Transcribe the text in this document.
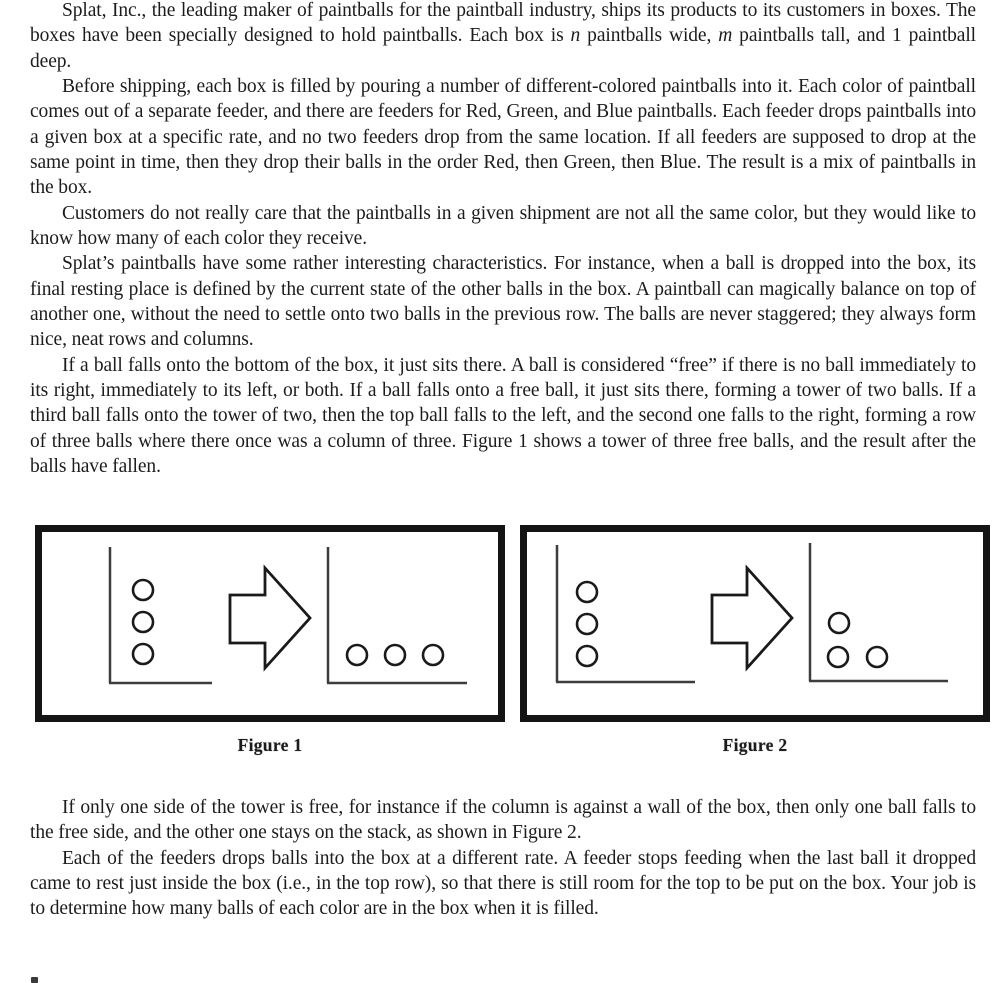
Splat, Inc., the leading maker of paintballs for the paintball industry, ships its products to its customers in boxes. The boxes have been specially designed to hold paintballs. Each box is n paintballs wide, m paintballs tall, and 1 paintball deep.

Before shipping, each box is filled by pouring a number of different-colored paintballs into it. Each color of paintball comes out of a separate feeder, and there are feeders for Red, Green, and Blue paintballs. Each feeder drops paintballs into a given box at a specific rate, and no two feeders drop from the same location. If all feeders are supposed to drop at the same point in time, then they drop their balls in the order Red, then Green, then Blue. The result is a mix of paintballs in the box.

Customers do not really care that the paintballs in a given shipment are not all the same color, but they would like to know how many of each color they receive.

Splat’s paintballs have some rather interesting characteristics. For instance, when a ball is dropped into the box, its final resting place is defined by the current state of the other balls in the box. A paintball can magically balance on top of another one, without the need to settle onto two balls in the previous row. The balls are never staggered; they always form nice, neat rows and columns.

If a ball falls onto the bottom of the box, it just sits there. A ball is considered “free” if there is no ball immediately to its right, immediately to its left, or both. If a ball falls onto a free ball, it just sits there, forming a tower of two balls. If a third ball falls onto the tower of two, then the top ball falls to the left, and the second one falls to the right, forming a row of three balls where there once was a column of three. Figure 1 shows a tower of three free balls, and the result after the balls have fallen.

Figure 1	Figure 2

If only one side of the tower is free, for instance if the column is against a wall of the box, then only one ball falls to the free side, and the other one stays on the stack, as shown in Figure 2.

Each of the feeders drops balls into the box at a different rate. A feeder stops feeding when the last ball it dropped came to rest just inside the box (i.e., in the top row), so that there is still room for the top to be put on the box. Your job is to determine how many balls of each color are in the box when it is filled.
